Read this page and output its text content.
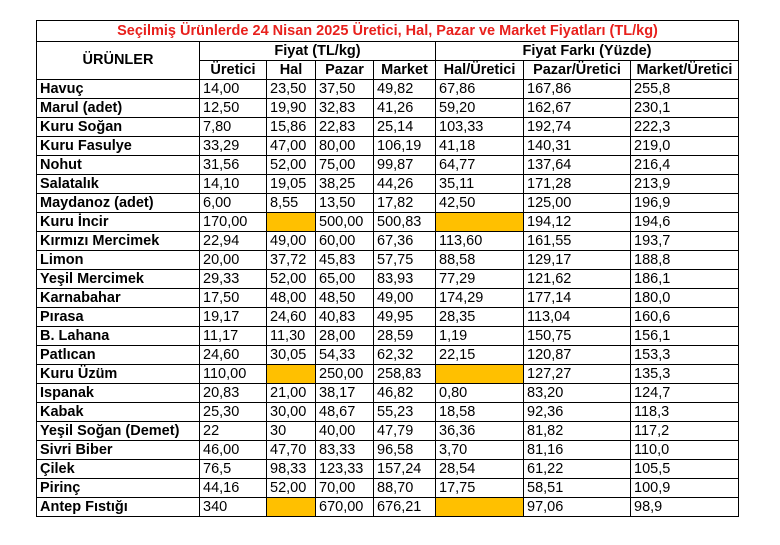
Seçilmiş Ürünlerde 24 Nisan 2025 Üretici, Hal, Pazar ve Market Fiyatları (TL/kg)							
ÜRÜNLER	Fiyat (TL/kg)				Fiyat Farkı (Yüzde)		
	Üretici	Hal	Pazar	Market	Hal/Üretici	Pazar/Üretici	Market/Üretici
Havuç	14,00	23,50	37,50	49,82	67,86	167,86	255,8
Marul (adet)	12,50	19,90	32,83	41,26	59,20	162,67	230,1
Kuru Soğan	7,80	15,86	22,83	25,14	103,33	192,74	222,3
Kuru Fasulye	33,29	47,00	80,00	106,19	41,18	140,31	219,0
Nohut	31,56	52,00	75,00	99,87	64,77	137,64	216,4
Salatalık	14,10	19,05	38,25	44,26	35,11	171,28	213,9
Maydanoz (adet)	6,00	8,55	13,50	17,82	42,50	125,00	196,9
Kuru İncir	170,00		500,00	500,83		194,12	194,6
Kırmızı Mercimek	22,94	49,00	60,00	67,36	113,60	161,55	193,7
Limon	20,00	37,72	45,83	57,75	88,58	129,17	188,8
Yeşil Mercimek	29,33	52,00	65,00	83,93	77,29	121,62	186,1
Karnabahar	17,50	48,00	48,50	49,00	174,29	177,14	180,0
Pırasa	19,17	24,60	40,83	49,95	28,35	113,04	160,6
B. Lahana	11,17	11,30	28,00	28,59	1,19	150,75	156,1
Patlıcan	24,60	30,05	54,33	62,32	22,15	120,87	153,3
Kuru Üzüm	110,00		250,00	258,83		127,27	135,3
Ispanak	20,83	21,00	38,17	46,82	0,80	83,20	124,7
Kabak	25,30	30,00	48,67	55,23	18,58	92,36	118,3
Yeşil Soğan (Demet)	22	30	40,00	47,79	36,36	81,82	117,2
Sivri Biber	46,00	47,70	83,33	96,58	3,70	81,16	110,0
Çilek	76,5	98,33	123,33	157,24	28,54	61,22	105,5
Pirinç	44,16	52,00	70,00	88,70	17,75	58,51	100,9
Antep Fıstığı	340		670,00	676,21		97,06	98,9
